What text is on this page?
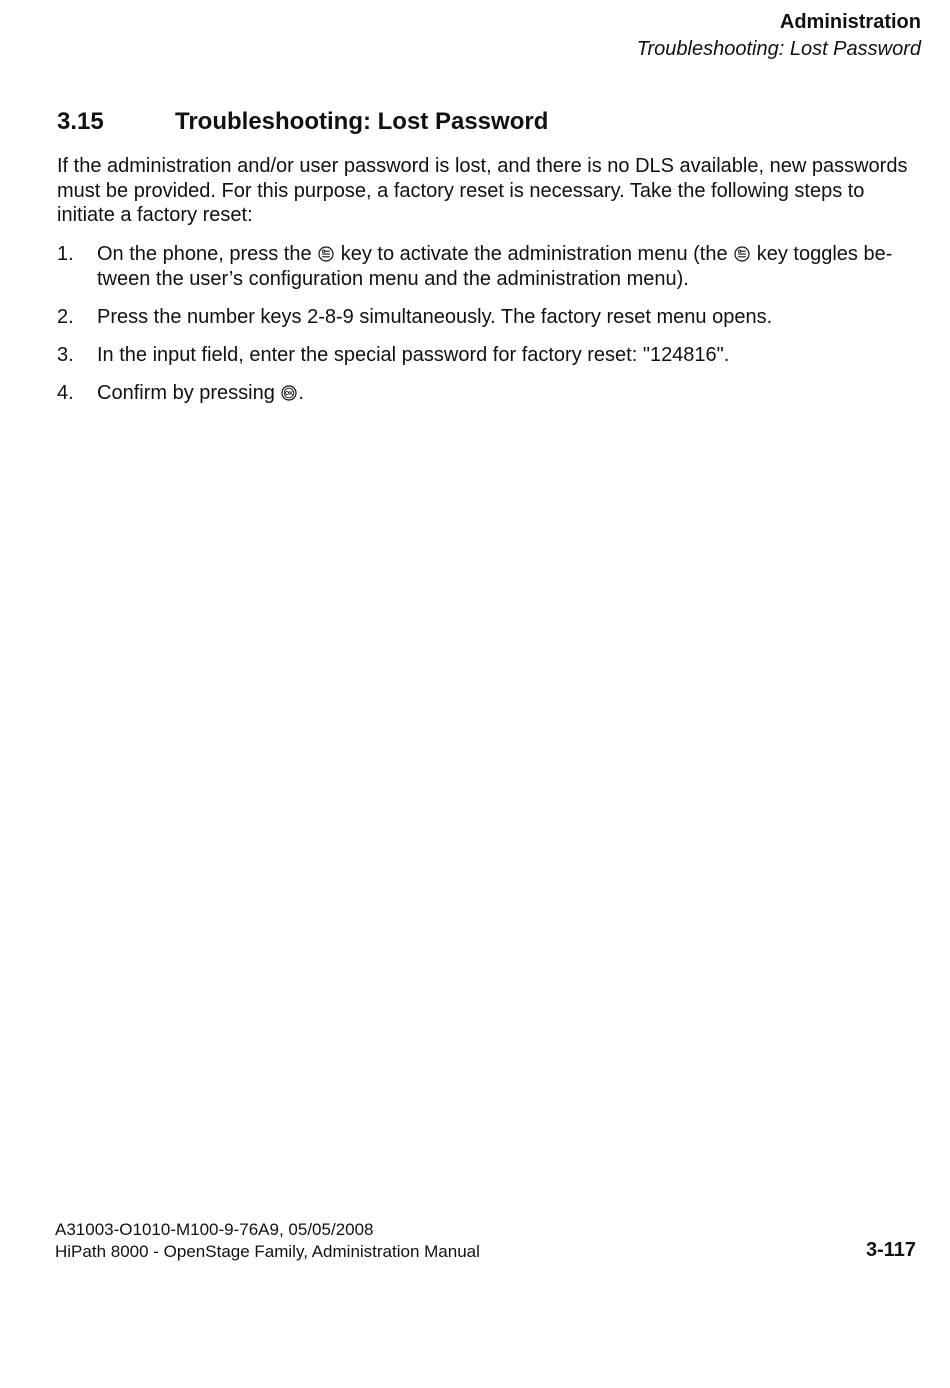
Administration
Troubleshooting: Lost Password
3.15	Troubleshooting: Lost Password

If the administration and/or user password is lost, and there is no DLS available, new passwords must be provided. For this purpose, a factory reset is necessary. Take the following steps to initiate a factory reset:

1. On the phone, press the key to activate the administration menu (the key toggles between the user’s configuration menu and the administration menu).
2. Press the number keys 2-8-9 simultaneously. The factory reset menu opens.
3. In the input field, enter the special password for factory reset: "124816".
4. Confirm by pressing OK .
A31003-O1010-M100-9-76A9, 05/05/2008
HiPath 8000 - OpenStage Family, Administration Manual	3-117
